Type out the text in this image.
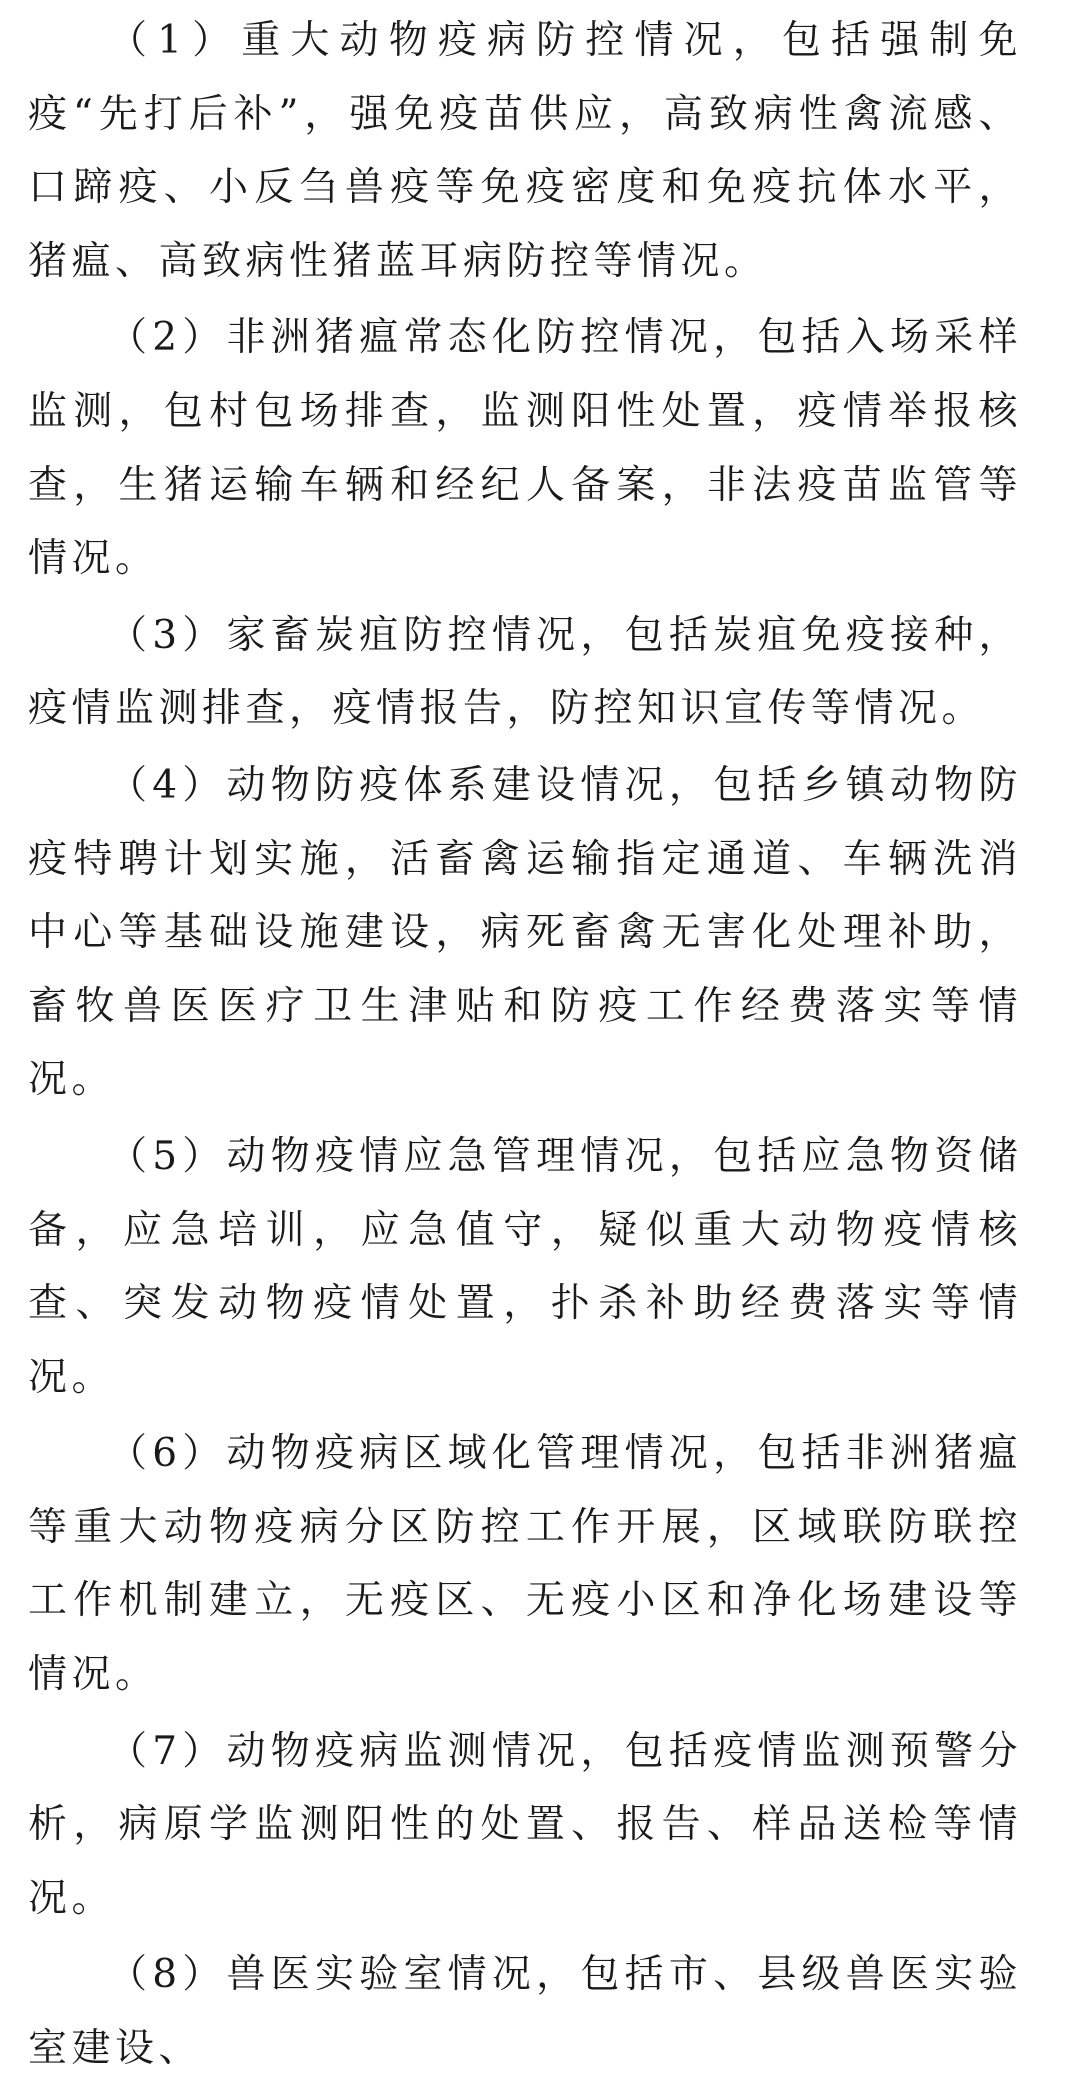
（1）重大动物疫病防控情况，包括强制免疫“先打后补”，强免疫苗供应，高致病性禽流感、口蹄疫、小反刍兽疫等免疫密度和免疫抗体水平，猪瘟、高致病性猪蓝耳病防控等情况。

（2）非洲猪瘟常态化防控情况，包括入场采样监测，包村包场排查，监测阳性处置，疫情举报核查，生猪运输车辆和经纪人备案，非法疫苗监管等情况。

（3）家畜炭疽防控情况，包括炭疽免疫接种，疫情监测排查，疫情报告，防控知识宣传等情况。

（4）动物防疫体系建设情况，包括乡镇动物防疫特聘计划实施，活畜禽运输指定通道、车辆洗消中心等基础设施建设，病死畜禽无害化处理补助，畜牧兽医医疗卫生津贴和防疫工作经费落实等情况。

（5）动物疫情应急管理情况，包括应急物资储备，应急培训，应急值守，疑似重大动物疫情核查、突发动物疫情处置，扑杀补助经费落实等情况。

（6）动物疫病区域化管理情况，包括非洲猪瘟等重大动物疫病分区防控工作开展，区域联防联控工作机制建立，无疫区、无疫小区和净化场建设等情况。

（7）动物疫病监测情况，包括疫情监测预警分析，病原学监测阳性的处置、报告、样品送检等情况。

（8）兽医实验室情况，包括市、县级兽医实验室建设、
